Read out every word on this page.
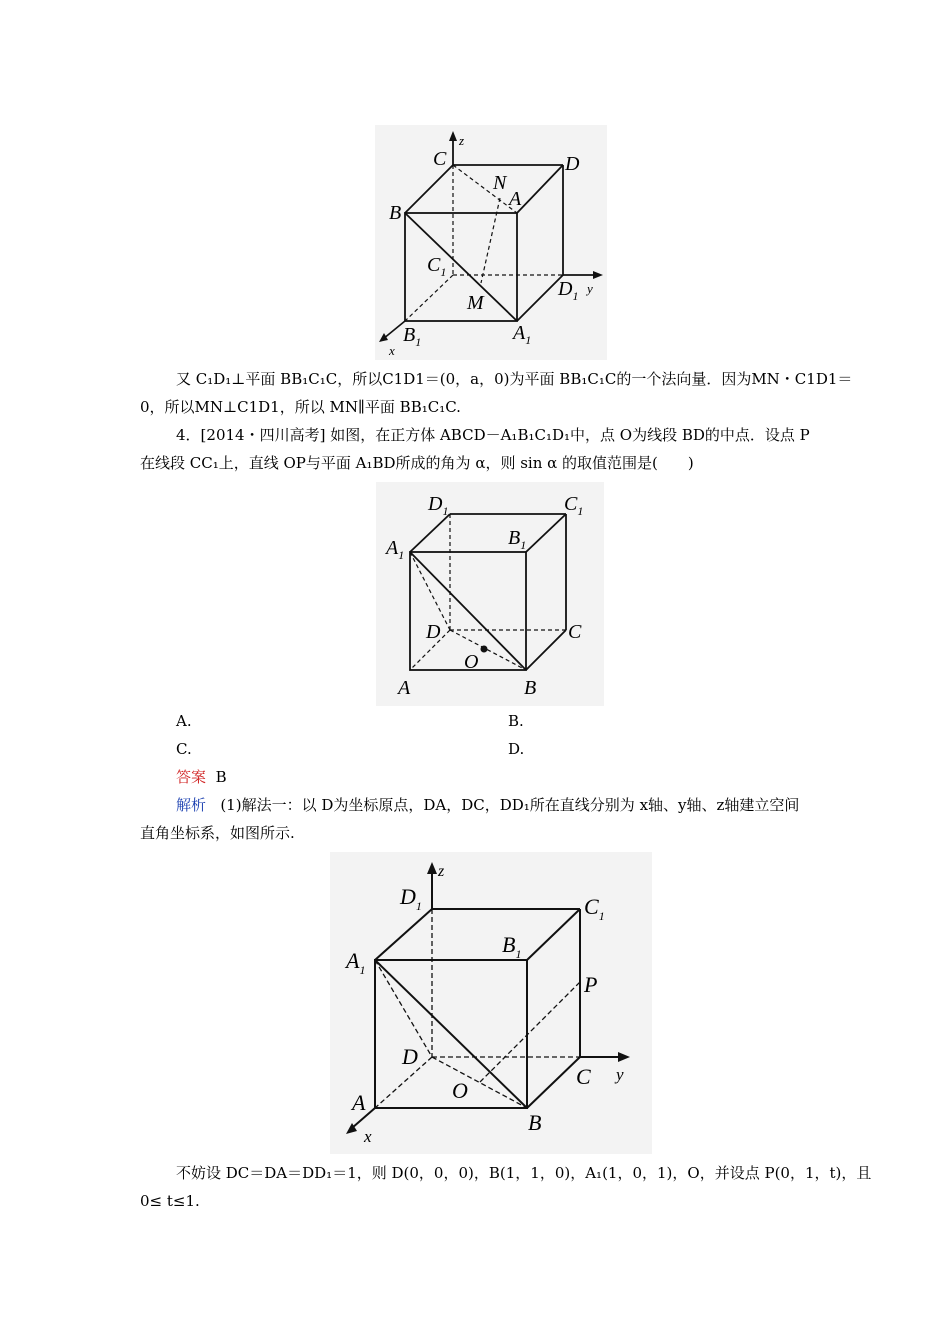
z
C	D
N
A
B
$C_1$
$D_1$ y
M
$B_1$	$A_1$
x
又 C₁D₁⊥平面 BB₁C₁C，所以C1D1＝(0，a，0)为平面 BB₁C₁C的一个法向量．因为MN・C1D1＝
0，所以MN⊥C1D1，所以 MN∥平面 BB₁C₁C.
4．[2014・四川高考] 如图，在正方体 ABCD－A₁B₁C₁D₁中，点 O为线段 BD的中点．设点 P
在线段 CC₁上，直线 OP与平面 A₁BD所成的角为 α，则 sin α 的取值范围是(　　)
$D_1$	$C_1$
$A_1$
$B_1$
D	C
O
A	B
A.	B.
C.	D.
答案 B
解析 (1)解法一：以 D为坐标原点，DA，DC，DD₁所在直线分别为 x轴、y轴、z轴建立空间
直角坐标系，如图所示.
z
$D_1$	$C_1$
$A_1$
$B_1$
P
D
C y
O
A
B
x
不妨设 DC＝DA＝DD₁＝1，则 D(0，0，0)，B(1，1，0)，A₁(1，0，1)，O，并设点 P(0，1，t)，且
0≤ t≤1.
